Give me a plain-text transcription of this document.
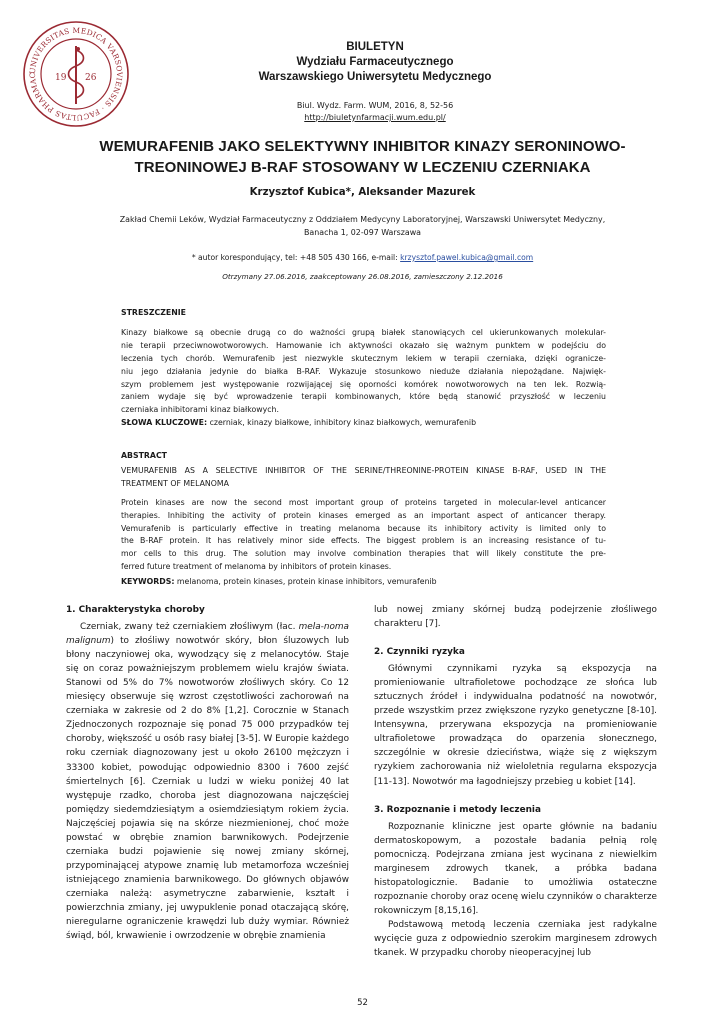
UNIVERSITAS MEDICA VARSOVIENSIS · FACULTAS PHARMAC	19 26
BIULETYN
Wydziału Farmaceutycznego
Warszawskiego Uniwersytetu Medycznego
Biul. Wydz. Farm. WUM, 2016, 8, 52-56
http://biuletynfarmacji.wum.edu.pl/
WEMURAFENIB JAKO SELEKTYWNY INHIBITOR KINAZY SERONINOWO-
TREONINOWEJ B-RAF STOSOWANY W LECZENIU CZERNIAKA
Krzysztof Kubica*, Aleksander Mazurek
Zakład Chemii Leków, Wydział Farmaceutyczny z Oddziałem Medycyny Laboratoryjnej, Warszawski Uniwersytet Medyczny,
Banacha 1, 02-097 Warszawa
* autor korespondujący, tel: +48 505 430 166, e-mail: krzysztof.pawel.kubica@gmail.com
Otrzymany 27.06.2016, zaakceptowany 26.08.2016, zamieszczony 2.12.2016
STRESZCZENIE
Kinazy białkowe są obecnie drugą co do ważności grupą białek stanowiących cel ukierunkowanych molekular-
nie terapii przeciwnowotworowych. Hamowanie ich aktywności okazało się ważnym punktem w podejściu do
leczenia tych chorób. Wemurafenib jest niezwykle skutecznym lekiem w terapii czerniaka, dzięki ogranicze-
niu jego działania jedynie do białka B-RAF. Wykazuje stosunkowo nieduże działania niepożądane. Najwięk-
szym problemem jest występowanie rozwijającej się oporności komórek nowotworowych na ten lek. Rozwią-
zaniem wydaje się być wprowadzenie terapii kombinowanych, które będą stanowić przyszłość w leczeniu
czerniaka inhibitorami kinaz białkowych.
SŁOWA KLUCZOWE: czerniak, kinazy białkowe, inhibitory kinaz białkowych, wemurafenib
ABSTRACT
VEMURAFENIB AS A SELECTIVE INHIBITOR OF THE SERINE/THREONINE-PROTEIN KINASE B-RAF, USED IN THE
TREATMENT OF MELANOMA
Protein kinases are now the second most important group of proteins targeted in molecular-level anticancer
therapies. Inhibiting the activity of protein kinases emerged as an important aspect of anticancer therapy.
Vemurafenib is particularly effective in treating melanoma because its inhibitory activity is limited only to
the B-RAF protein. It has relatively minor side effects. The biggest problem is an increasing resistance of tu-
mor cells to this drug. The solution may involve combination therapies that will likely constitute the pre-
ferred future treatment of melanoma by inhibitors of protein kinases.
KEYWORDS: melanoma, protein kinases, protein kinase inhibitors, vemurafenib
1. Charakterystyka choroby

Czerniak, zwany też czerniakiem złośliwym (łac. mela-noma malignum) to złośliwy nowotwór skóry, błon śluzowych lub błony naczyniowej oka, wywodzący się z melanocytów. Staje się on coraz poważniejszym problemem wielu krajów świata. Stanowi od 5% do 7% nowotworów złośliwych skóry. Co 12 miesięcy obserwuje się wzrost częstotliwości zachorowań na czerniaka w zakresie od 2 do 8% [1,2]. Corocznie w Stanach Zjednoczonych rozpoznaje się ponad 75 000 przypadków tej choroby, większość u osób rasy białej [3-5]. W Europie każdego roku czerniak diagnozowany jest u około 26100 mężczyzn i 33300 kobiet, powodując odpowiednio 8300 i 7600 zejść śmiertelnych [6]. Czerniak u ludzi w wieku poniżej 40 lat występuje rzadko, choroba jest diagnozowana najczęściej pomiędzy siedemdziesiątym a osiemdziesiątym rokiem życia. Najczęściej pojawia się na skórze niezmienionej, choć może powstać w obrębie znamion barwnikowych. Podejrzenie czerniaka budzi pojawienie się nowej zmiany skórnej, przypominającej atypowe znamię lub metamorfoza wcześniej istniejącego znamienia barwnikowego. Do głównych objawów czerniaka należą: asymetryczne zabarwienie, kształt i powierzchnia zmiany, jej uwypuklenie ponad otaczającą skórę, nieregularne ograniczenie krawędzi lub duży wymiar. Również świąd, ból, krwawienie i owrzodzenie w obrębie znamienia

lub nowej zmiany skórnej budzą podejrzenie złośliwego charakteru [7].

2. Czynniki ryzyka

Głównymi czynnikami ryzyka są ekspozycja na promieniowanie ultrafioletowe pochodzące ze słońca lub sztucznych źródeł i indywidualna podatność na nowotwór, przede wszystkim przez zwiększone ryzyko genetyczne [8-10]. Intensywna, przerywana ekspozycja na promieniowanie ultrafioletowe prowadząca do oparzenia słonecznego, szczególnie w okresie dzieciństwa, wiąże się z większym ryzykiem zachorowania niż wieloletnia regularna ekspozycja [11-13]. Nowotwór ma łagodniejszy przebieg u kobiet [14].

3. Rozpoznanie i metody leczenia

Rozpoznanie kliniczne jest oparte głównie na badaniu dermatoskopowym, a pozostałe badania pełnią rolę pomocniczą. Podejrzana zmiana jest wycinana z niewielkim marginesem zdrowych tkanek, a próbka badana histopatologicznie. Badanie to umożliwia ostateczne rozpoznanie choroby oraz ocenę wielu czynników o charakterze rokowniczym [8,15,16].

Podstawową metodą leczenia czerniaka jest radykalne wycięcie guza z odpowiednio szerokim marginesem zdrowych tkanek. W przypadku choroby nieoperacyjnej lub

52
